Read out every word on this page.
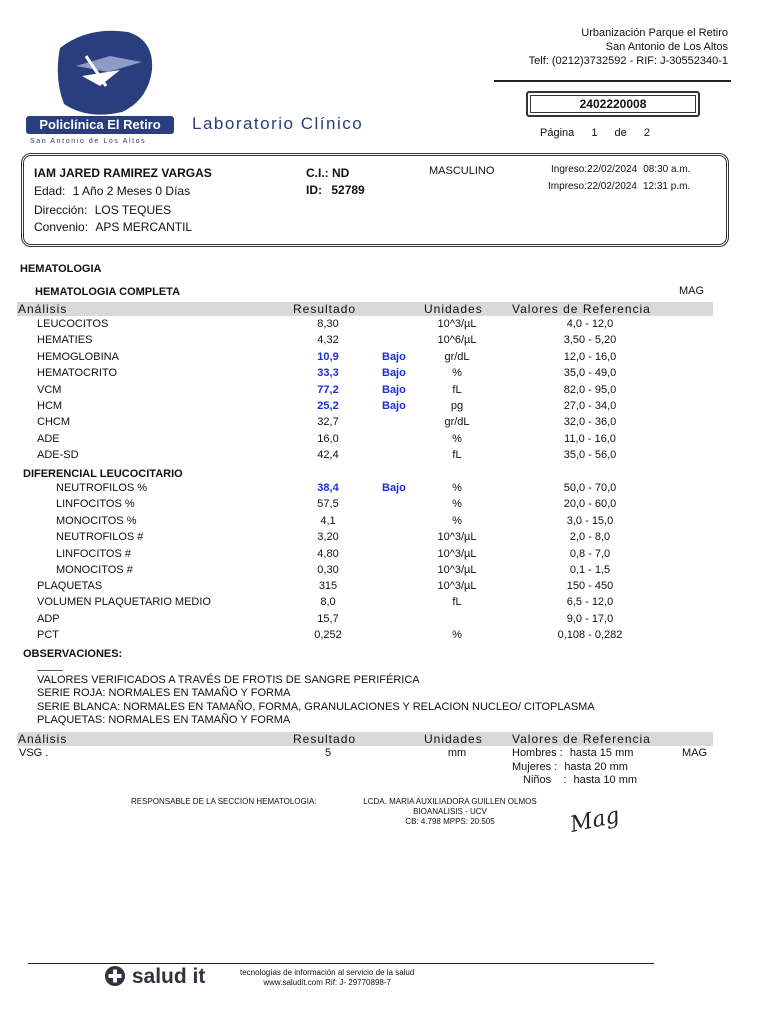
Policlínica El Retiro
San Antonio de Los Altos
Laboratorio Clínico
Urbanización Parque el Retiro
San Antonio de Los Altos
Telf: (0212)3732592 - RIF: J-30552340-1
2402220008
Página 1 de 2
IAM JARED RAMIREZ VARGAS
Edad: 1 Año 2 Meses 0 Días
Dirección: LOS TEQUES
Convenio: APS MERCANTIL
C.I.: ND
ID: 52789
MASCULINO	Ingreso:22/02/2024 08:30 a.m.
Impreso:22/02/2024 12:31 p.m.
HEMATOLOGIA
HEMATOLOGIA COMPLETA	MAG
Análisis	Resultado	Unidades Valores de Referencia
LEUCOCITOS	8,30	10^3/µL	4,0 - 12,0
HEMATIES	4,32	10^6/µL	3,50 - 5,20
HEMOGLOBINA	10,9	Bajo	gr/dL	12,0 - 16,0
HEMATOCRITO	33,3	Bajo	%	35,0 - 49,0
VCM	77,2	Bajo	fL	82,0 - 95,0
HCM	25,2	Bajo	pg	27,0 - 34,0
CHCM	32,7	gr/dL	32,0 - 36,0
ADE	16,0	%	11,0 - 16,0
ADE-SD	42,4	fL	35,0 - 56,0
DIFERENCIAL LEUCOCITARIO
NEUTROFILOS %	38,4	Bajo	%	50,0 - 70,0
LINFOCITOS %	57,5	%	20,0 - 60,0
MONOCITOS %	4,1	%	3,0 - 15,0
NEUTROFILOS #	3,20	10^3/µL	2,0 - 8,0
LINFOCITOS #	4,80	10^3/µL	0,8 - 7,0
MONOCITOS #	0,30	10^3/µL	0,1 - 1,5
PLAQUETAS	315	10^3/µL	150 - 450
VOLUMEN PLAQUETARIO MEDIO	8,0	fL	6,5 - 12,0
ADP	15,7	9,0 - 17,0
PCT	0,252	%	0,108 - 0,282
OBSERVACIONES:
VALORES VERIFICADOS A TRAVÉS DE FROTIS DE SANGRE PERIFÉRICA
SERIE ROJA: NORMALES EN TAMAÑO Y FORMA
SERIE BLANCA: NORMALES EN TAMAÑO, FORMA, GRANULACIONES Y RELACION NUCLEO/ CITOPLASMA
PLAQUETAS: NORMALES EN TAMAÑO Y FORMA
Análisis	Resultado	Unidades Valores de Referencia
VSG .	5	mm	Hombres : hasta 15 mm
Mujeres : hasta 20 mm
Niños    : hasta 10 mm
MAG
RESPONSABLE DE LA SECCION HEMATOLOGIA:	LCDA. MARIA AUXILIADORA GUILLEN OLMOS
BIOANALISIS - UCV
CB: 4.798 MPPS: 20.505	Mag
salud it	tecnologías de información al servicio de la salud
www.saludit.com Rif: J- 29770898-7
